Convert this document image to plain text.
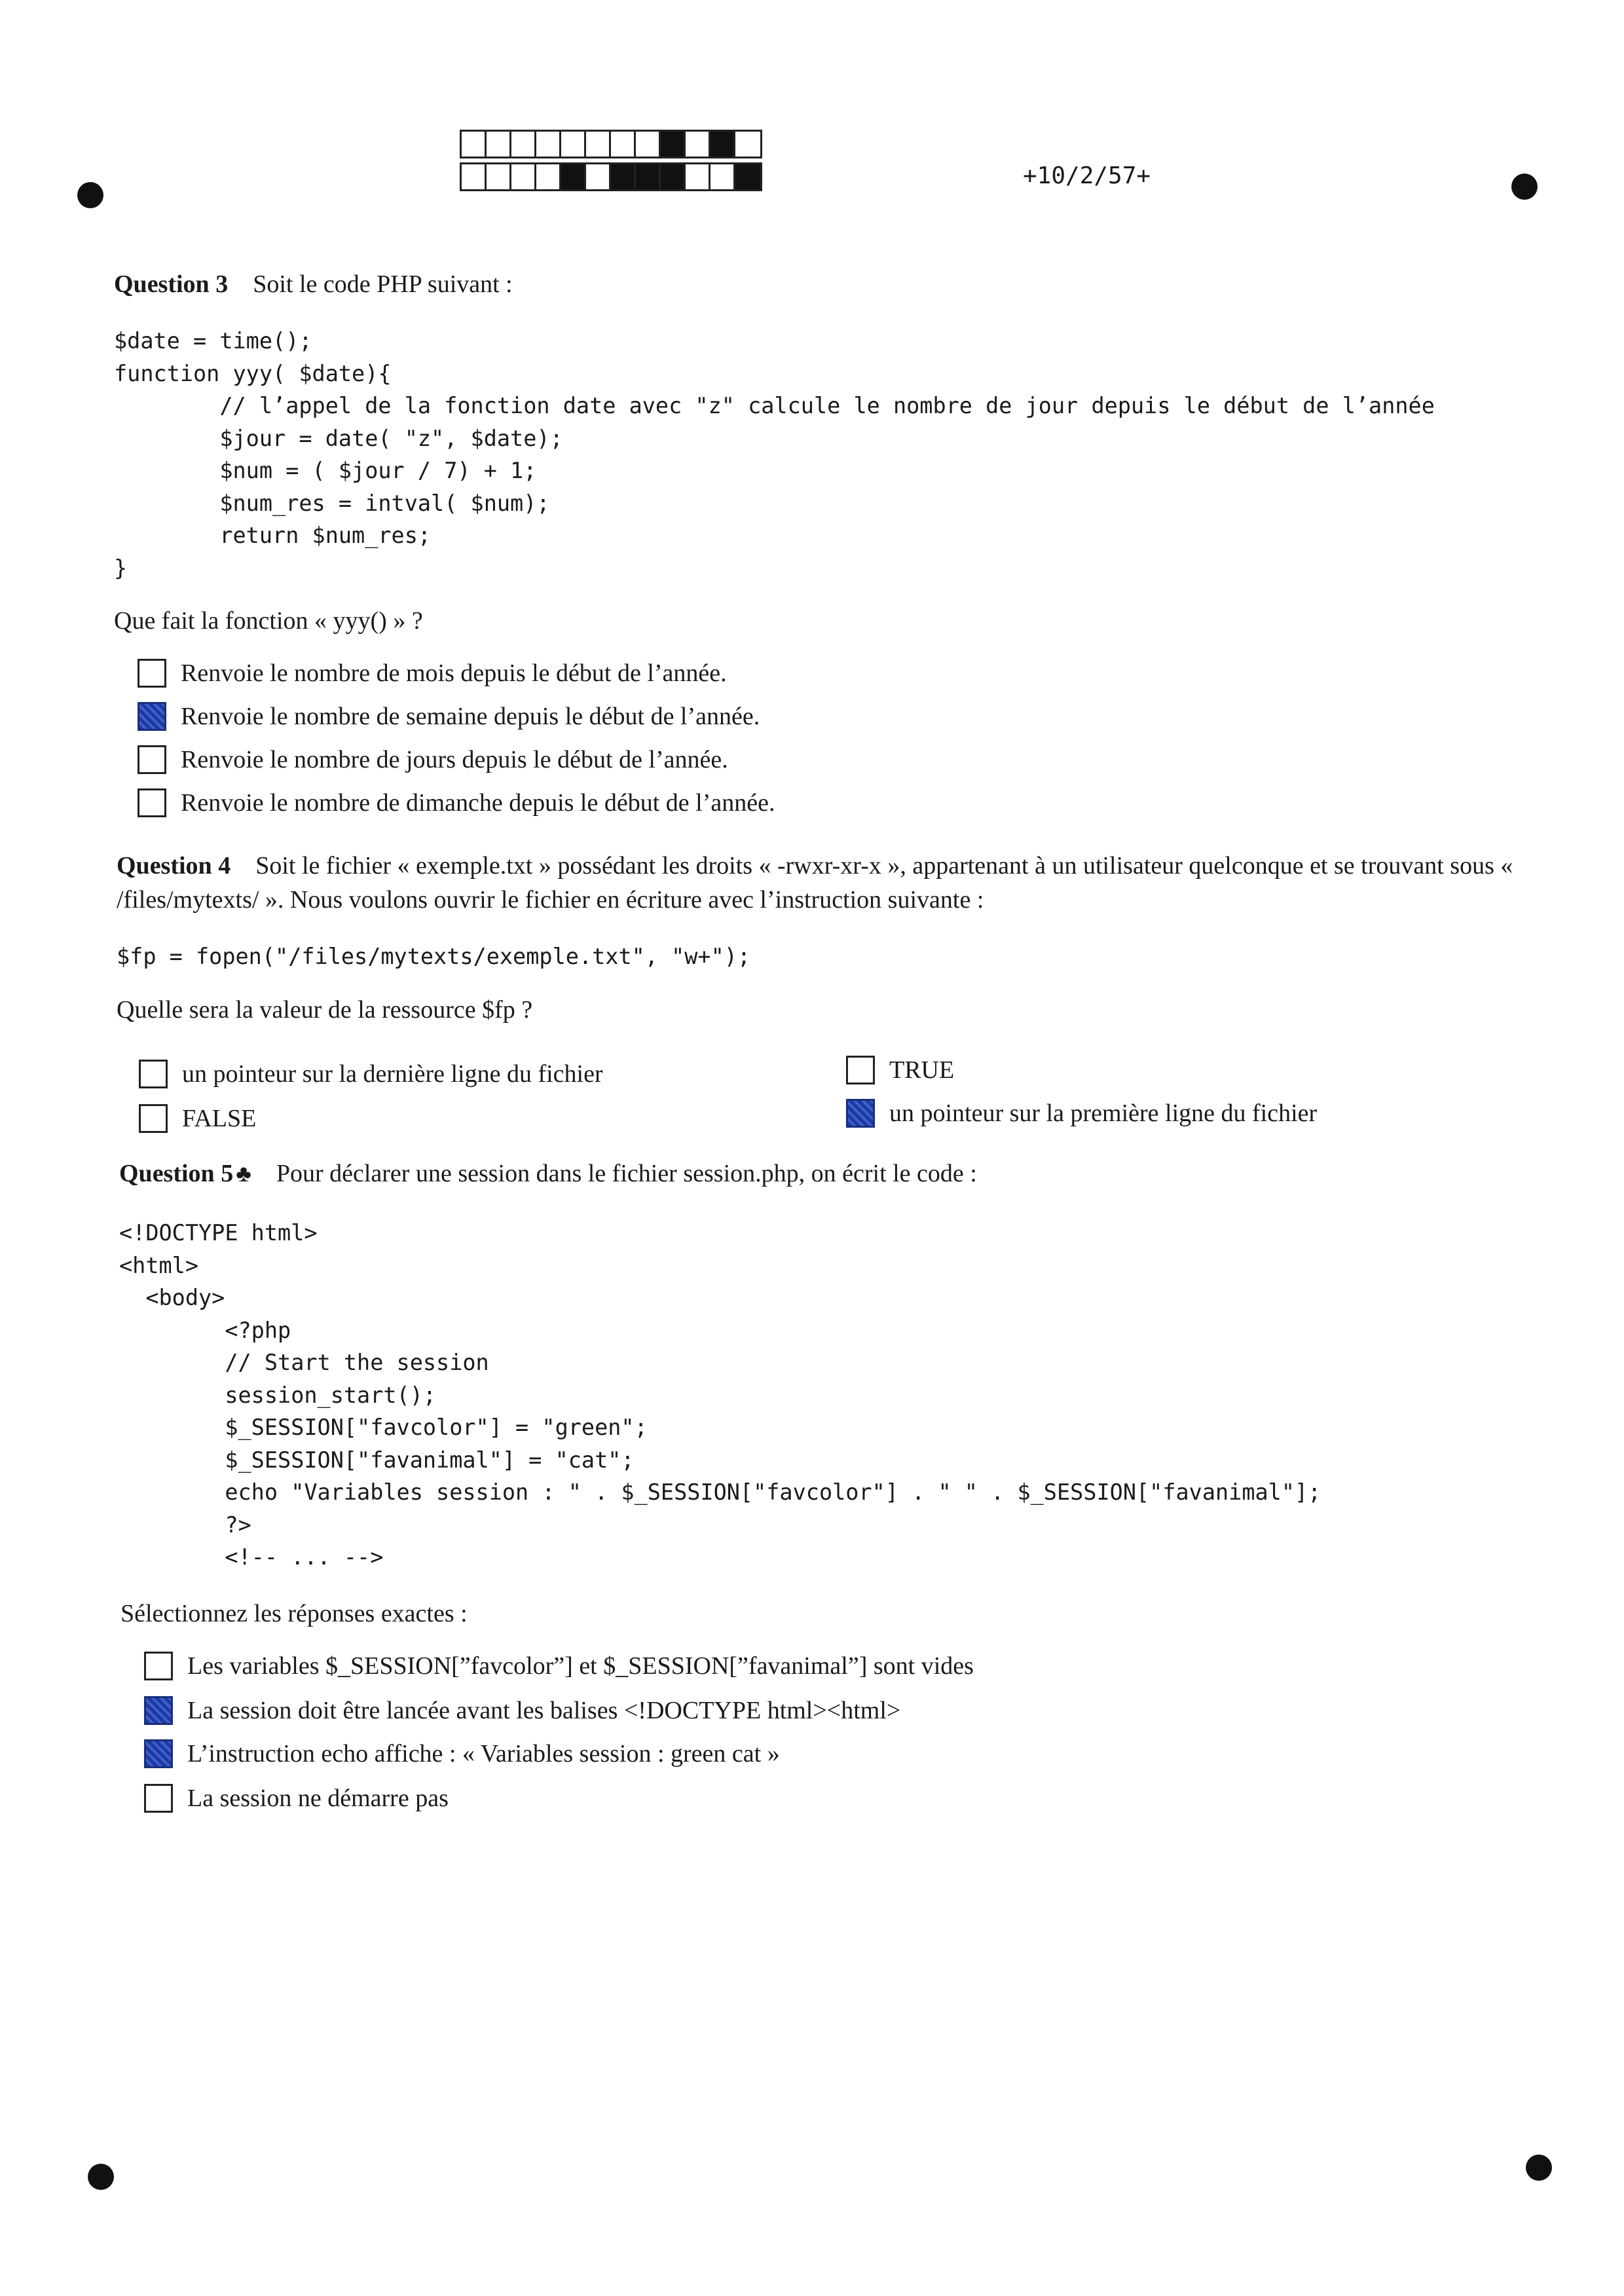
+10/2/57+
Question 3 Soit le code PHP suivant :
$date = time();
function yyy( $date){
// l’appel de la fonction date avec "z" calcule le nombre de jour depuis le début de l’année
$jour = date( "z", $date);
$num = ( $jour / 7) + 1;
$num_res = intval( $num);
return $num_res;
}
Que fait la fonction « yyy() » ?
Renvoie le nombre de mois depuis le début de l’année.
Renvoie le nombre de semaine depuis le début de l’année.
Renvoie le nombre de jours depuis le début de l’année.
Renvoie le nombre de dimanche depuis le début de l’année.
Question 4 Soit le fichier « exemple.txt » possédant les droits « -rwxr-xr-x », appartenant à un utilisateur quelconque et se trouvant sous « /files/mytexts/ ». Nous voulons ouvrir le fichier en écriture avec l’instruction suivante :
$fp = fopen("/files/mytexts/exemple.txt", "w+");
Quelle sera la valeur de la ressource $fp ?
un pointeur sur la dernière ligne du fichier
FALSE
TRUE
un pointeur sur la première ligne du fichier
Question 5 ♣ Pour déclarer une session dans le fichier session.php, on écrit le code :
<!DOCTYPE html>
<html>
<body>
<?php
// Start the session
session_start();
$_SESSION["favcolor"] = "green";
$_SESSION["favanimal"] = "cat";
echo "Variables session : " . $_SESSION["favcolor"] . " " . $_SESSION["favanimal"];
?>
<!-- ... -->
Sélectionnez les réponses exactes :
Les variables $_SESSION[”favcolor”] et $_SESSION[”favanimal”] sont vides
La session doit être lancée avant les balises <!DOCTYPE html><html>
L’instruction echo affiche : « Variables session : green cat »
La session ne démarre pas
